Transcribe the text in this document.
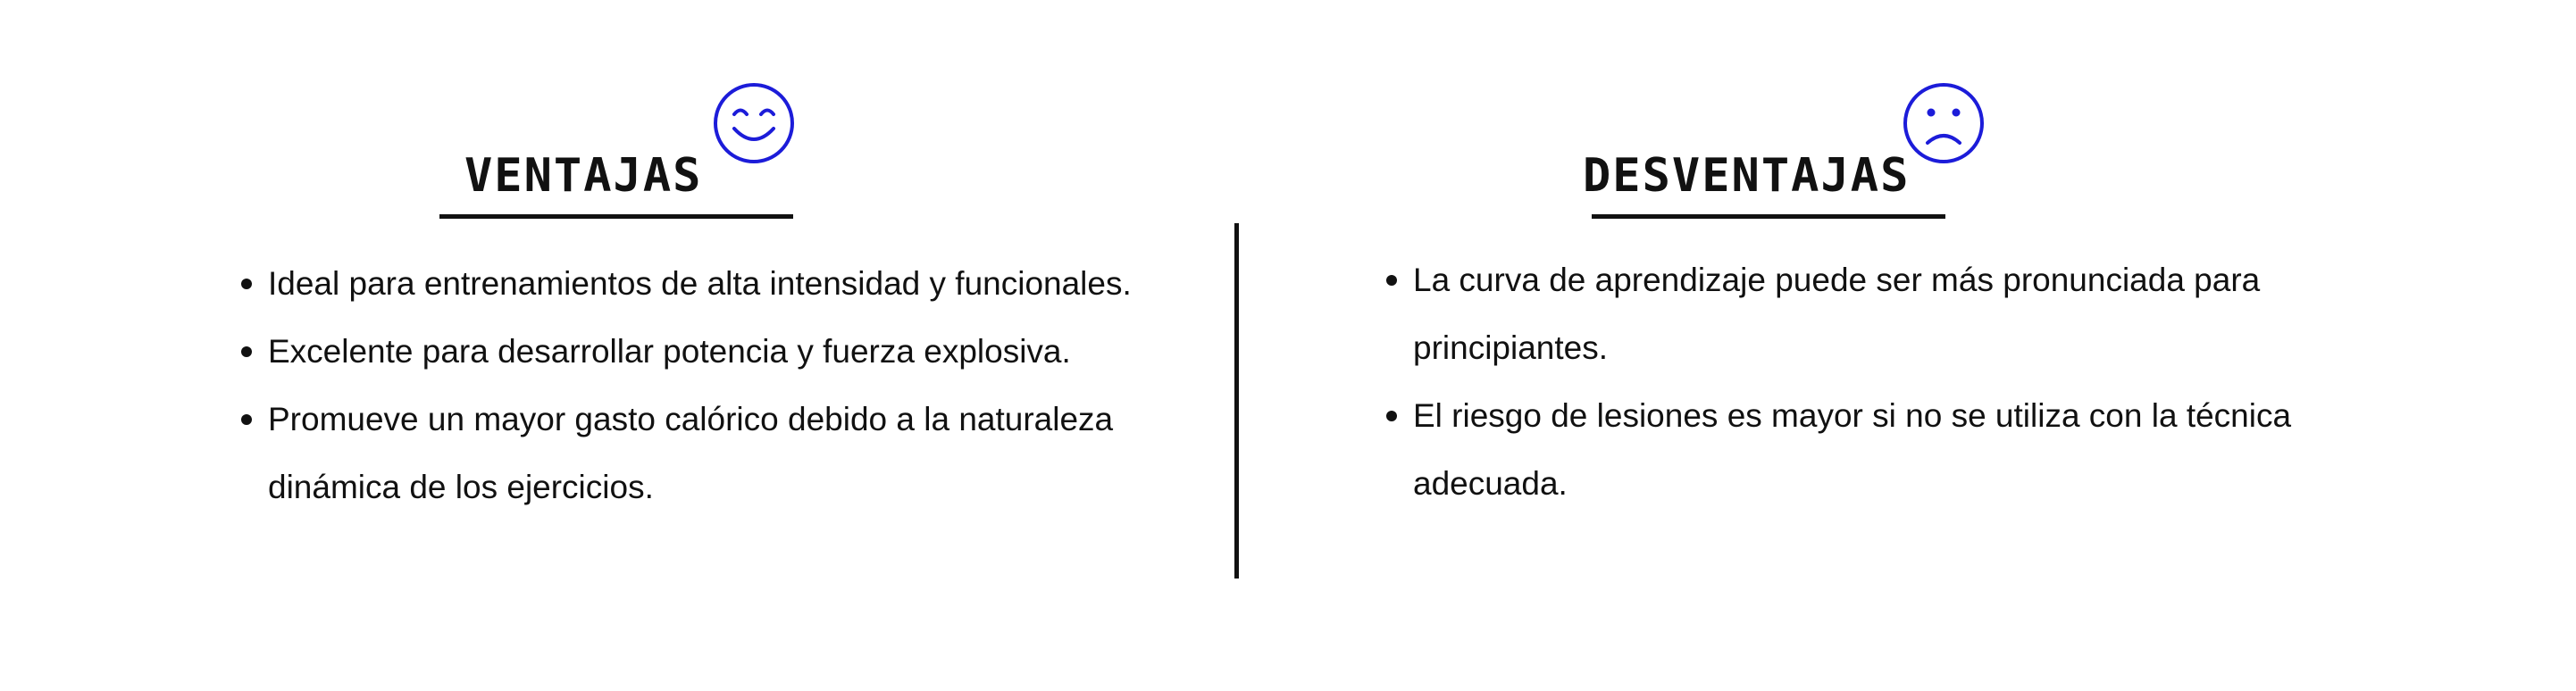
VENTAJAS
Ideal para entrenamientos de alta intensidad y funcionales.
Excelente para desarrollar potencia y fuerza explosiva.
Promueve un mayor gasto calórico debido a la naturaleza dinámica de los ejercicios.
DESVENTAJAS
La curva de aprendizaje puede ser más pronunciada para principiantes.
El riesgo de lesiones es mayor si no se utiliza con la técnica adecuada.
